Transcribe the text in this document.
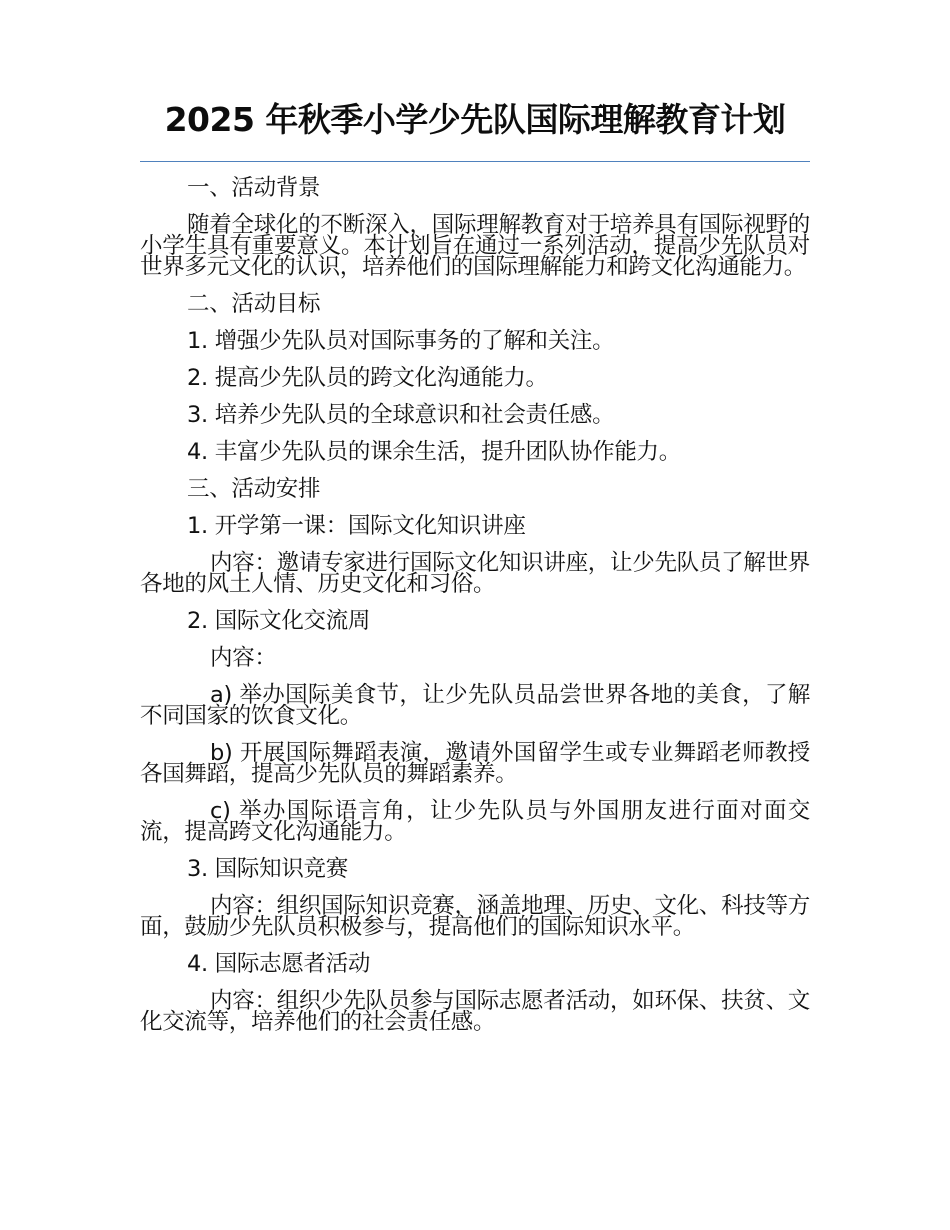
2025 年秋季小学少先队国际理解教育计划

一、活动背景

随着全球化的不断深入，国际理解教育对于培养具有国际视野的小学生具有重要意义。本计划旨在通过一系列活动，提高少先队员对世界多元文化的认识，培养他们的国际理解能力和跨文化沟通能力。

二、活动目标

1. 增强少先队员对国际事务的了解和关注。

2. 提高少先队员的跨文化沟通能力。

3. 培养少先队员的全球意识和社会责任感。

4. 丰富少先队员的课余生活，提升团队协作能力。

三、活动安排

1. 开学第一课：国际文化知识讲座

内容：邀请专家进行国际文化知识讲座，让少先队员了解世界各地的风土人情、历史文化和习俗。

2. 国际文化交流周

内容：

a) 举办国际美食节，让少先队员品尝世界各地的美食，了解不同国家的饮食文化。

b) 开展国际舞蹈表演，邀请外国留学生或专业舞蹈老师教授各国舞蹈，提高少先队员的舞蹈素养。

c) 举办国际语言角，让少先队员与外国朋友进行面对面交流，提高跨文化沟通能力。

3. 国际知识竞赛

内容：组织国际知识竞赛，涵盖地理、历史、文化、科技等方面，鼓励少先队员积极参与，提高他们的国际知识水平。

4. 国际志愿者活动

内容：组织少先队员参与国际志愿者活动，如环保、扶贫、文化交流等，培养他们的社会责任感。
